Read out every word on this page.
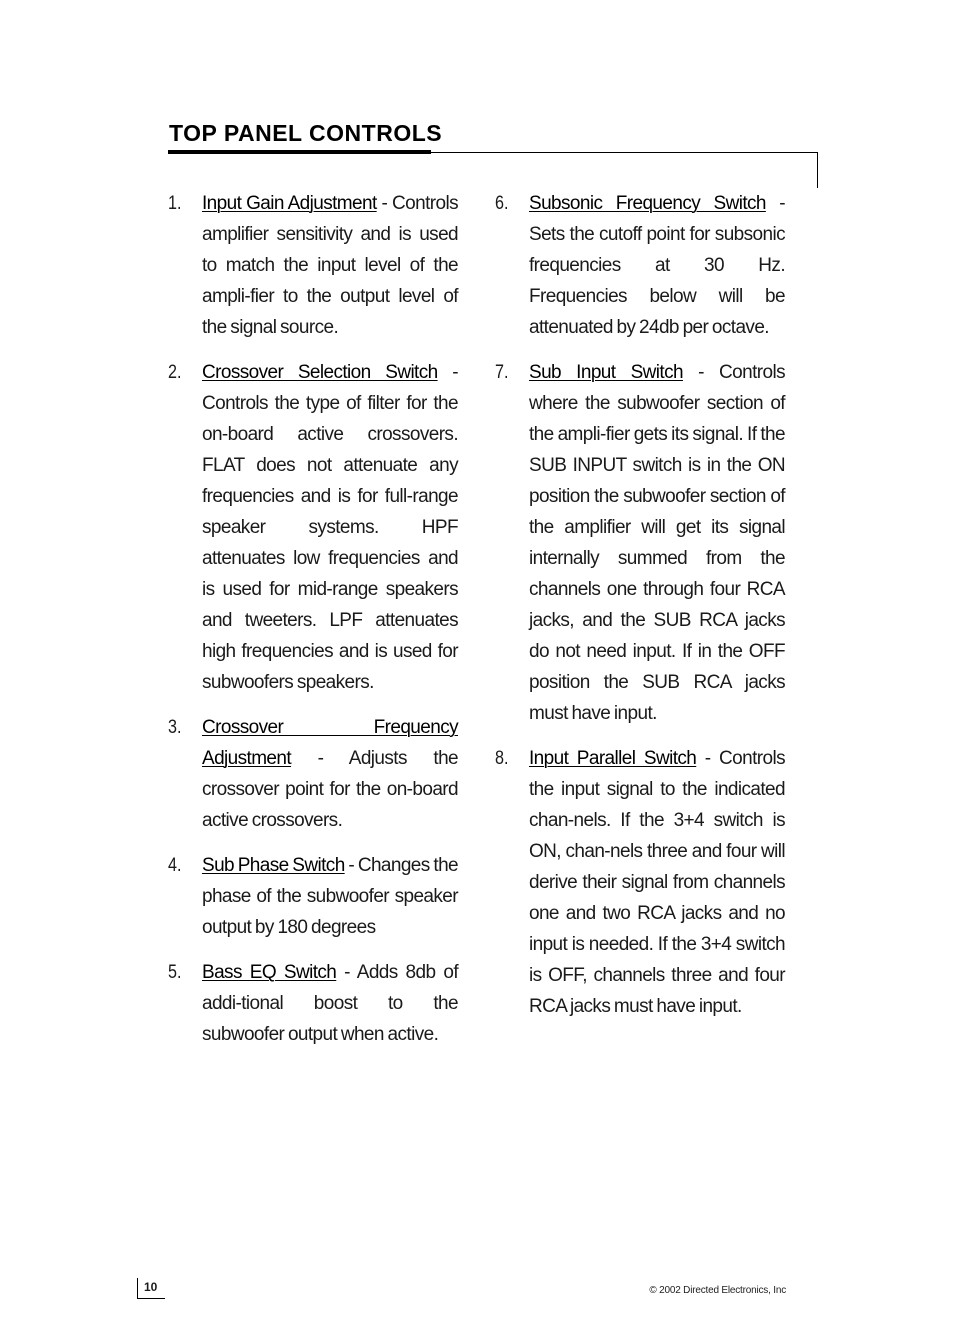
TOP PANEL CONTROLS
1.	Input Gain Adjustment - Controls amplifier sensitivity and is used to match the input level of the ampli-fier to the output level of the signal source.
2.	Crossover Selection Switch - Controls the type of filter for the on-board active crossovers. FLAT does not attenuate any frequencies and is for full-range speaker systems. HPF attenuates low frequencies and is used for mid-range speakers and tweeters. LPF attenuates high frequencies and is used for subwoofers speakers.
3.	Crossover Frequency Adjustment - Adjusts the crossover point for the on-board active crossovers.
4.	Sub Phase Switch - Changes the phase of the subwoofer speaker output by 180 degrees
5.	Bass EQ Switch - Adds 8db of addi-tional boost to the subwoofer output when active.
6.	Subsonic Frequency Switch - Sets the cutoff point for subsonic frequencies at 30 Hz. Frequencies below will be attenuated by 24db per octave.
7.	Sub Input Switch - Controls where the subwoofer section of the ampli-fier gets its signal. If the SUB INPUT switch is in the ON position the subwoofer section of the amplifier will get its signal internally summed from the channels one through four RCA jacks, and the SUB RCA jacks do not need input. If in the OFF position the SUB RCA jacks must have input.
8.	Input Parallel Switch - Controls the input signal to the indicated chan-nels. If the 3+4 switch is ON, chan-nels three and four will derive their signal from channels one and two RCA jacks and no input is needed. If the 3+4 switch is OFF, channels three and four RCA jacks must have input.
10	© 2002 Directed Electronics, Inc
